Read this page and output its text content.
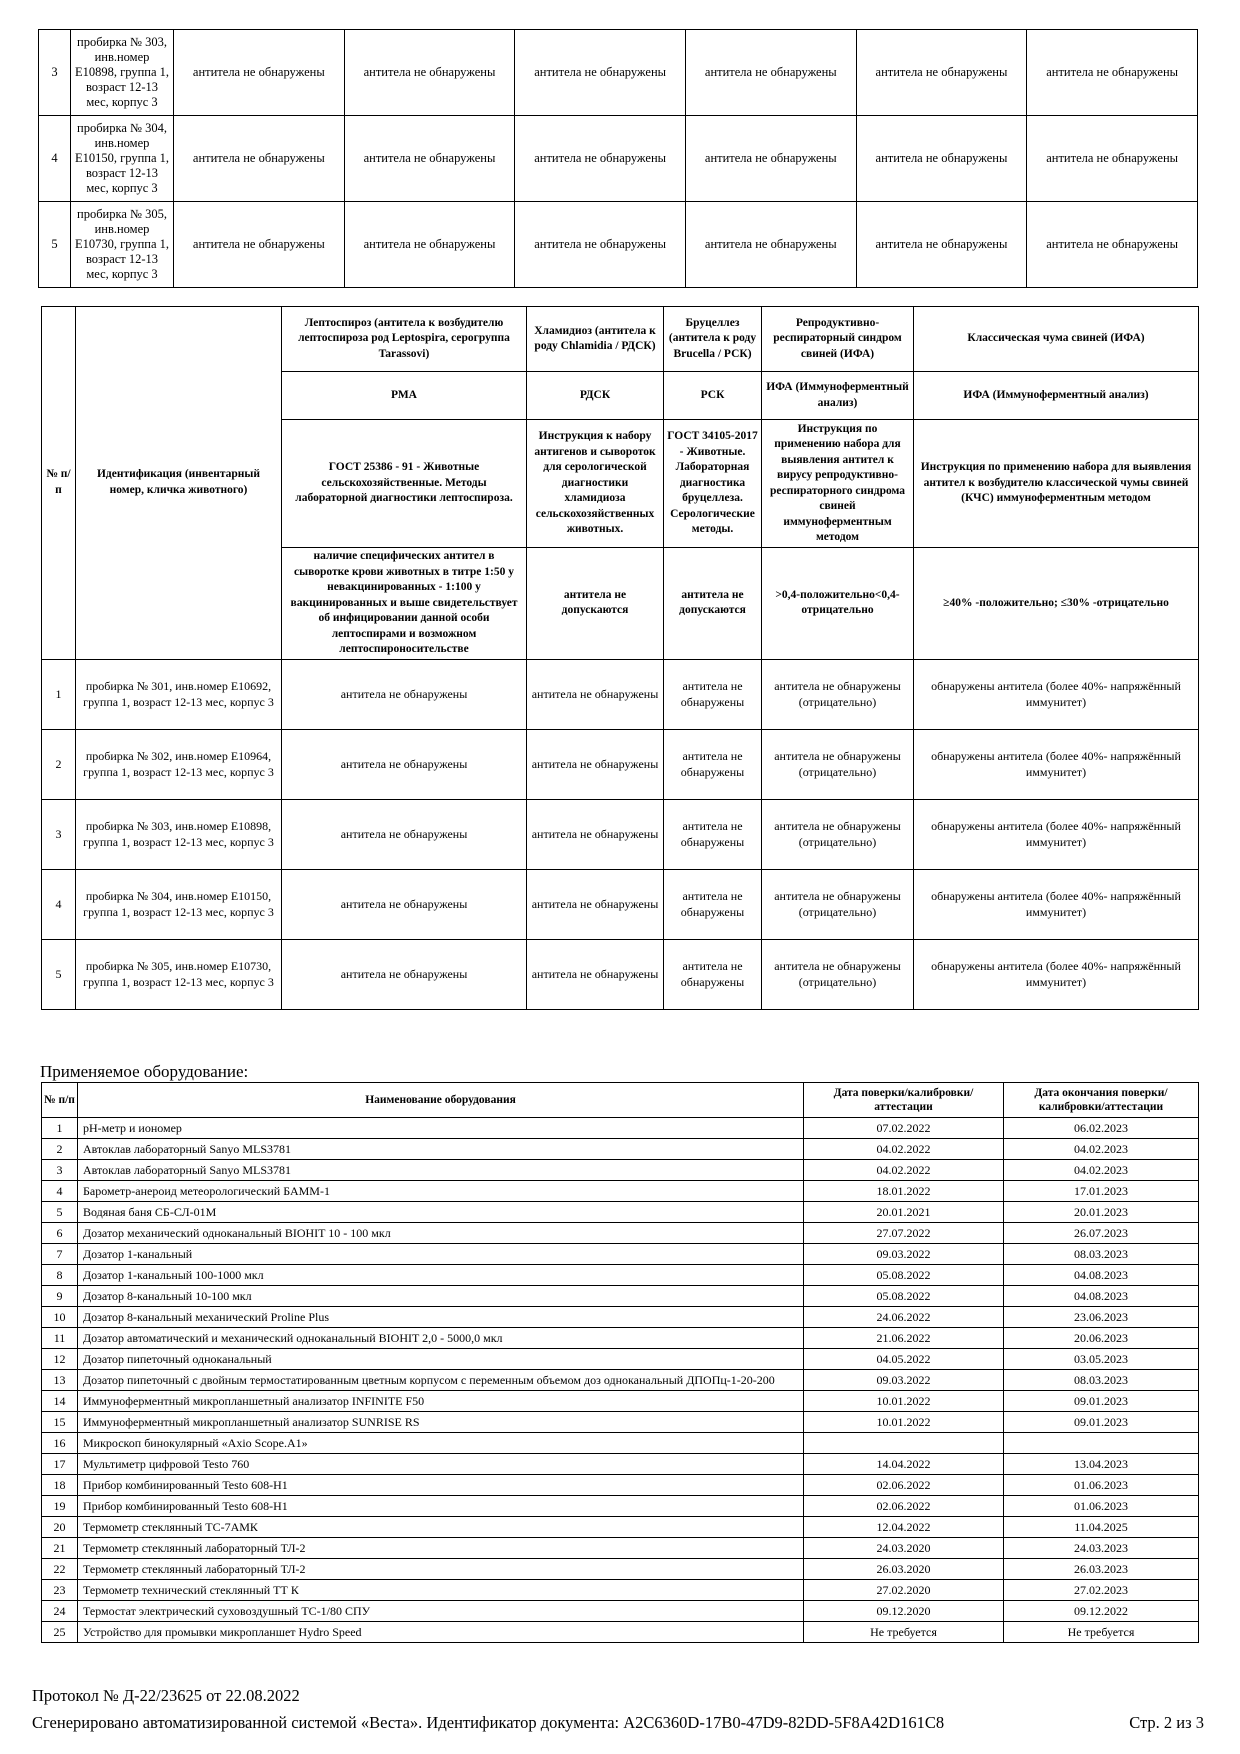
3	пробирка № 303, инв.номер E10898, группа 1, возраст 12-13 мес, корпус 3	антитела не обнаружены	антитела не обнаружены	антитела не обнаружены	антитела не обнаружены	антитела не обнаружены	антитела не обнаружены
4	пробирка № 304, инв.номер E10150, группа 1, возраст 12-13 мес, корпус 3	антитела не обнаружены	антитела не обнаружены	антитела не обнаружены	антитела не обнаружены	антитела не обнаружены	антитела не обнаружены
5	пробирка № 305, инв.номер E10730, группа 1, возраст 12-13 мес, корпус 3	антитела не обнаружены	антитела не обнаружены	антитела не обнаружены	антитела не обнаружены	антитела не обнаружены	антитела не обнаружены
№ п/п	Идентификация (инвентарный номер, кличка животного)	Лептоспироз (антитела к возбудителю лептоспироза род Leptospira, серогруппа Tarassovi)	Хламидиоз (антитела к роду Chlamidia / РДСК)	Бруцеллез (антитела к роду Brucella / РСК)	Репродуктивно-респираторный синдром свиней (ИФА)	Классическая чума свиней (ИФА)
		РМА	РДСК	РСК	ИФА (Иммуноферментный анализ)	ИФА (Иммуноферментный анализ)
		ГОСТ 25386 - 91 - Животные сельскохозяйственные. Методы лабораторной диагностики лептоспироза.	Инструкция к набору антигенов и сывороток для серологической диагностики хламидиоза сельскохозяйственных животных.	ГОСТ 34105-2017 - Животные. Лабораторная диагностика бруцеллеза. Серологические методы.	Инструкция по применению набора для выявления антител к вирусу репродуктивно-респираторного синдрома свиней иммуноферментным методом	Инструкция по применению набора для выявления антител к возбудителю классической чумы свиней (КЧС) иммуноферментным методом
		наличие специфических антител в сыворотке крови животных в титре 1:50 у невакцинированных - 1:100 у вакцинированных и выше свидетельствует об инфицировании данной особи лептоспирами и возможном лептоспироносительстве	антитела не допускаются	антитела не допускаются	>0,4-положительно<0,4-отрицательно	≥40% -положительно; ≤30% -отрицательно
1	пробирка № 301, инв.номер E10692, группа 1, возраст 12-13 мес, корпус 3	антитела не обнаружены	антитела не обнаружены	антитела не обнаружены	антитела не обнаружены (отрицательно)	обнаружены антитела (более 40%- напряжённый иммунитет)
2	пробирка № 302, инв.номер E10964, группа 1, возраст 12-13 мес, корпус 3	антитела не обнаружены	антитела не обнаружены	антитела не обнаружены	антитела не обнаружены (отрицательно)	обнаружены антитела (более 40%- напряжённый иммунитет)
3	пробирка № 303, инв.номер E10898, группа 1, возраст 12-13 мес, корпус 3	антитела не обнаружены	антитела не обнаружены	антитела не обнаружены	антитела не обнаружены (отрицательно)	обнаружены антитела (более 40%- напряжённый иммунитет)
4	пробирка № 304, инв.номер E10150, группа 1, возраст 12-13 мес, корпус 3	антитела не обнаружены	антитела не обнаружены	антитела не обнаружены	антитела не обнаружены (отрицательно)	обнаружены антитела (более 40%- напряжённый иммунитет)
5	пробирка № 305, инв.номер E10730, группа 1, возраст 12-13 мес, корпус 3	антитела не обнаружены	антитела не обнаружены	антитела не обнаружены	антитела не обнаружены (отрицательно)	обнаружены антитела (более 40%- напряжённый иммунитет)
Применяемое оборудование:
№ п/п	Наименование оборудования	Дата поверки/калибровки/аттестации	Дата окончания поверки/калибровки/аттестации
1	рН-метр и иономер	07.02.2022	06.02.2023
2	Автоклав лабораторный Sanyo MLS3781	04.02.2022	04.02.2023
3	Автоклав лабораторный Sanyo MLS3781	04.02.2022	04.02.2023
4	Барометр-анероид метеорологический БАММ-1	18.01.2022	17.01.2023
5	Водяная баня СБ-СЛ-01М	20.01.2021	20.01.2023
6	Дозатор механический одноканальный BIOHIT 10 - 100 мкл	27.07.2022	26.07.2023
7	Дозатор 1-канальный	09.03.2022	08.03.2023
8	Дозатор 1-канальный 100-1000 мкл	05.08.2022	04.08.2023
9	Дозатор 8-канальный 10-100 мкл	05.08.2022	04.08.2023
10	Дозатор 8-канальный механический Proline Plus	24.06.2022	23.06.2023
11	Дозатор автоматический и механический одноканальный BIOHIT 2,0 - 5000,0 мкл	21.06.2022	20.06.2023
12	Дозатор пипеточный одноканальный	04.05.2022	03.05.2023
13	Дозатор пипеточный с двойным термостатированным цветным корпусом с переменным объемом доз одноканальный ДПОПц-1-20-200	09.03.2022	08.03.2023
14	Иммуноферментный микропланшетный анализатор INFINITE F50	10.01.2022	09.01.2023
15	Иммуноферментный микропланшетный анализатор SUNRISE RS	10.01.2022	09.01.2023
16	Микроскоп бинокулярный «Axio Scope.A1»		
17	Мультиметр цифровой Testo 760	14.04.2022	13.04.2023
18	Прибор комбинированный Testo 608-H1	02.06.2022	01.06.2023
19	Прибор комбинированный Testo 608-H1	02.06.2022	01.06.2023
20	Термометр стеклянный ТС-7АМК	12.04.2022	11.04.2025
21	Термометр стеклянный лабораторный ТЛ-2	24.03.2020	24.03.2023
22	Термометр стеклянный лабораторный ТЛ-2	26.03.2020	26.03.2023
23	Термометр технический стеклянный ТТ К	27.02.2020	27.02.2023
24	Термостат электрический суховоздушный ТС-1/80 СПУ	09.12.2020	09.12.2022
25	Устройство для промывки микропланшет Hydro Speed	Не требуется	Не требуется
Протокол № Д-22/23625 от 22.08.2022
Сгенерировано автоматизированной системой «Веста». Идентификатор документа: A2C6360D-17B0-47D9-82DD-5F8A42D161C8	Стр. 2 из 3
